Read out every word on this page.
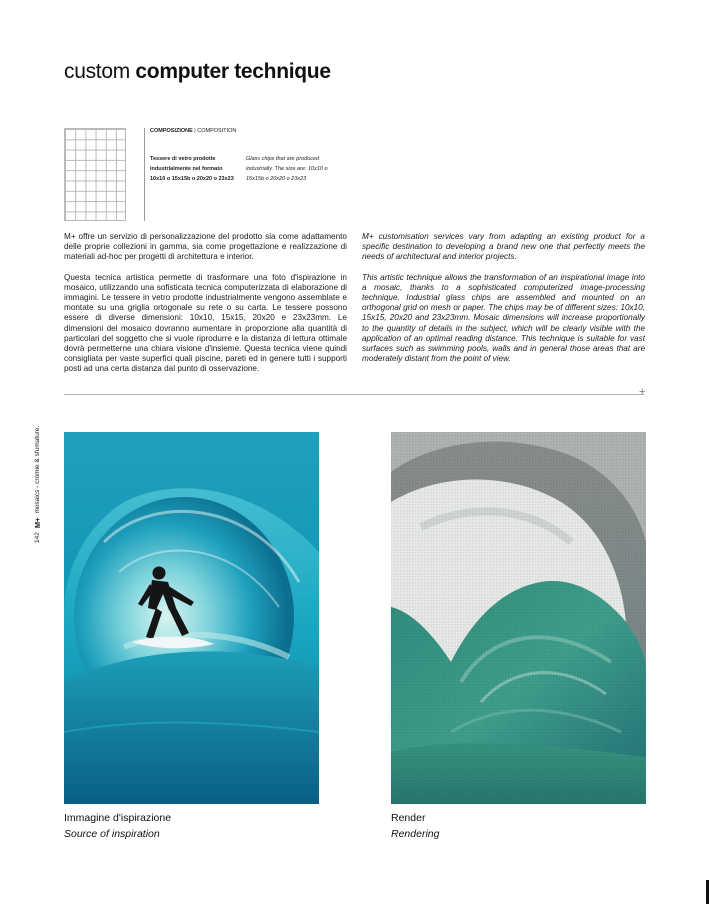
custom computer technique
COMPOSIZIONE | COMPOSITION
Tessere di vetro prodotte
industrialmente nel formato
10x10 o 15x15b o 20x20 o 23x23
Glass chips that are produced
industrially. The size are: 10x10 o
15x15b o 20x20 o 23x23

M+ offre un servizio di personalizzazione del prodotto sia come adattamento delle proprie collezioni in gamma, sia come progettazione e realizzazione di materiali ad-hoc per progetti di architettura e interior.

Questa tecnica artistica permette di trasformare una foto d'ispirazione in mosaico, utilizzando una sofisticata tecnica computerizzata di elaborazione di immagini. Le tessere in vetro prodotte industrialmente vengono assemblate e montate su una griglia ortogonale su rete o su carta. Le tessere possono essere di diverse dimensioni: 10x10, 15x15, 20x20 e 23x23mm. Le dimensioni del mosaico dovranno aumentare in proporzione alla quantità di particolari del soggetto che si vuole riprodurre e la distanza di lettura ottimale dovrà permetterne una chiara visione d'insieme. Questa tecnica viene quindi consigliata per vaste superfici quali piscine, pareti ed in genere tutti i supporti posti ad una certa distanza dal punto di osservazione.

M+ customisation services vary from adapting an existing product for a specific destination to developing a brand new one that perfectly meets the needs of architectural and interior projects.

This artistic technique allows the transformation of an inspirational image into a mosaic, thanks to a sophisticated computerized image-processing technique. Industrial glass chips are assembled and mounted on an orthogonal grid on mesh or paper. The chips may be of different sizes: 10x10, 15x15, 20x20 and 23x23mm. Mosaic dimensions will increase proportionally to the quantity of details in the subject, which will be clearly visible with the application of an optimal reading distance. This technique is suitable for vast surfaces such as swimming pools, walls and in general those areas that are moderately distant from the point of view.

+
142
M+
mosaics - cromie & sfumature.
Immagine d'ispirazione
Source of inspiration
Render
Rendering
